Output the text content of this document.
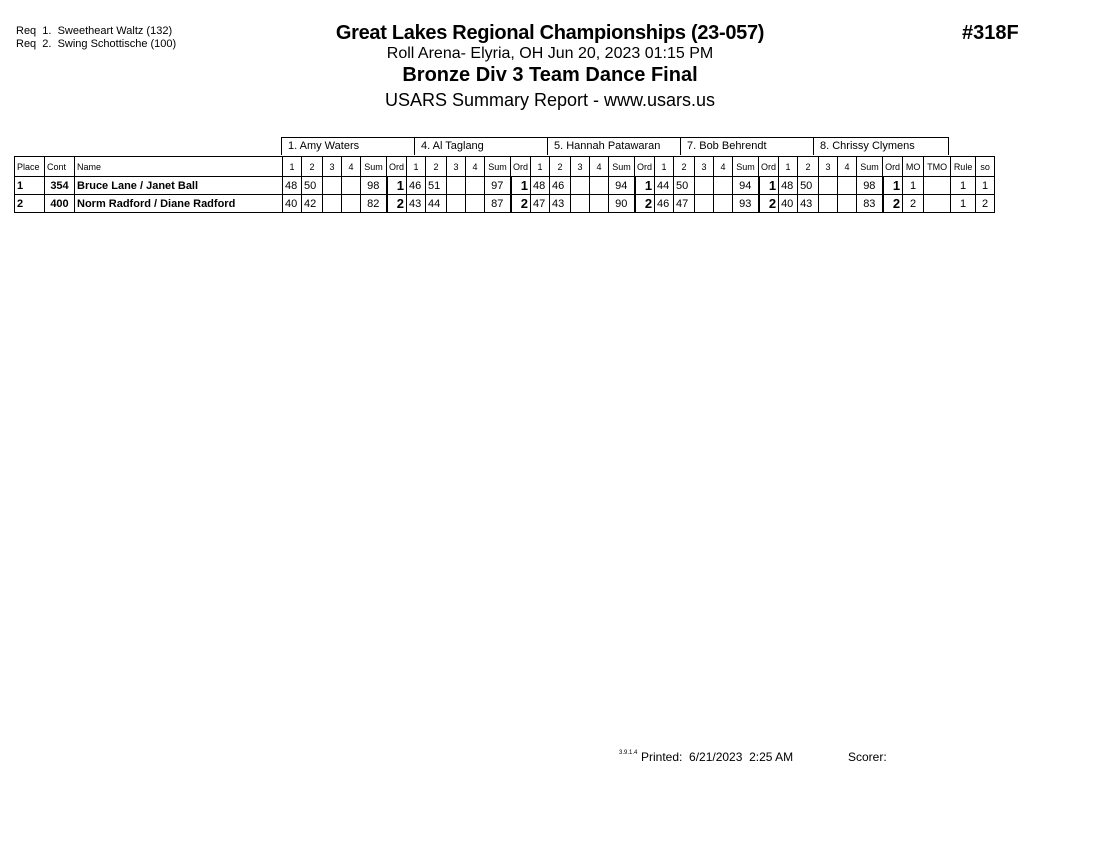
Req  1.  Sweetheart Waltz (132)
Req  2.  Swing Schottische (100)	Great Lakes Regional Championships (23-057)
Roll Arena- Elyria, OH Jun 20, 2023 01:15 PM
Bronze Div 3 Team Dance Final
USARS Summary Report - www.usars.us
#318F
1. Amy Waters	4. Al Taglang	5. Hannah Patawaran	7. Bob Behrendt	8. Chrissy Clymens
Place	Cont	Name	1	2	3	4	Sum	Ord	1	2	3	4	Sum	Ord	1	2	3	4	Sum	Ord	1	2	3	4	Sum	Ord	1	2	3	4	Sum	Ord	MO	TMO	Rule	so
1	354	Bruce Lane / Janet Ball	48	50			98	1	46	51			97	1	48	46			94	1	44	50			94	1	48	50			98	1	1		1	1
2	400	Norm Radford / Diane Radford	40	42			82	2	43	44			87	2	47	43			90	2	46	47			93	2	40	43			83	2	2		1	2
3.9.1.4 Printed:  6/21/2023  2:25 AM	Scorer:
